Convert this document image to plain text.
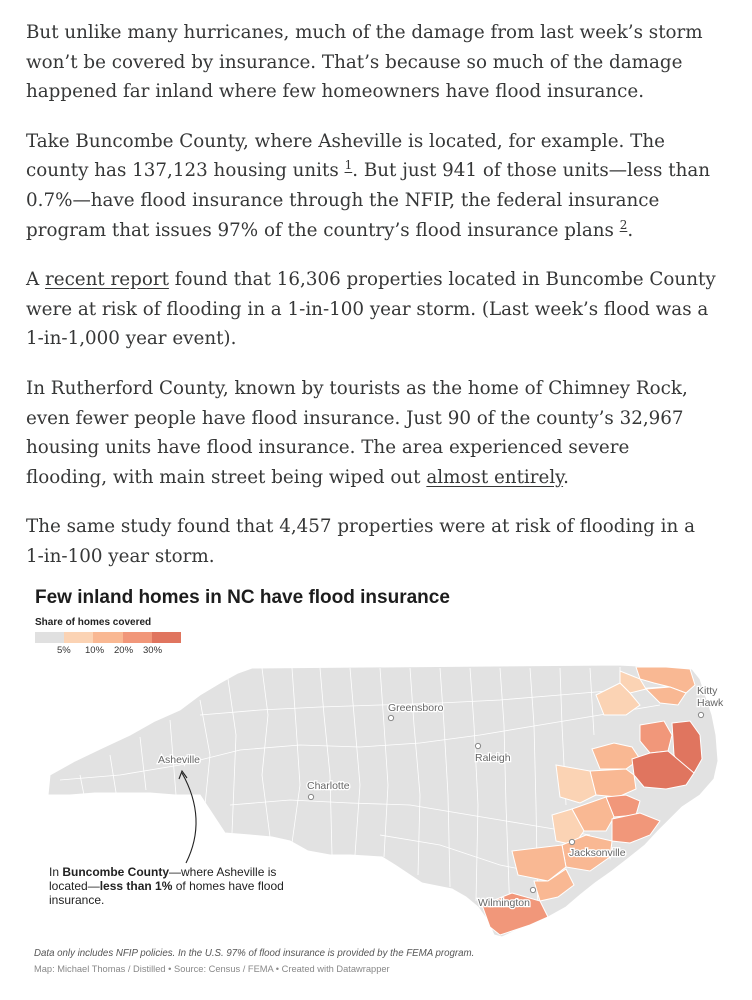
But unlike many hurricanes, much of the damage from last week’s storm won’t be covered by insurance. That’s because so much of the damage happened far inland where few homeowners have flood insurance.

Take Buncombe County, where Asheville is located, for example. The county has 137,123 housing units $^1$. But just 941 of those units—less than 0.7%—have flood insurance through the NFIP, the federal insurance program that issues 97% of the country’s flood insurance plans $^2$.

A recent report found that 16,306 properties located in Buncombe County were at risk of flooding in a 1-in-100 year storm. (Last week’s flood was a 1-in-1,000 year event).

In Rutherford County, known by tourists as the home of Chimney Rock, even fewer people have flood insurance. Just 90 of the county’s 32,967 housing units have flood insurance. The area experienced severe flooding, with main street being wiped out almost entirely.

The same study found that 4,457 properties were at risk of flooding in a 1-in-100 year storm.

Few inland homes in NC have flood insurance
Share of homes covered
5% 10% 20% 30%
Greensboro
Asheville
Charlotte
Raleigh
Kitty
Hawk
Jacksonville
Wilmington
In Buncombe County—where Asheville is located—less than 1% of homes have flood insurance.
Data only includes NFIP policies. In the U.S. 97% of flood insurance is provided by the FEMA program.
Map: Michael Thomas / Distilled • Source: Census / FEMA • Created with Datawrapper
